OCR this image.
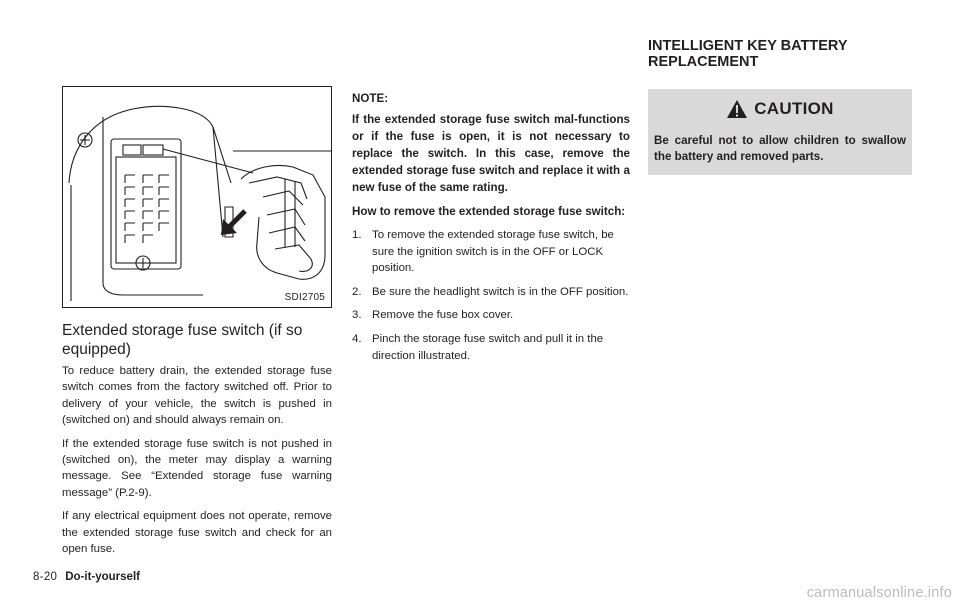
SDI2705
Extended storage fuse switch (if so equipped)

To reduce battery drain, the extended storage fuse switch comes from the factory switched off. Prior to delivery of your vehicle, the switch is pushed in (switched on) and should always remain on.

If the extended storage fuse switch is not pushed in (switched on), the meter may display a warning message. See “Extended storage fuse warning message” (P.2-9).

If any electrical equipment does not operate, remove the extended storage fuse switch and check for an open fuse.

NOTE:

If the extended storage fuse switch mal-functions or if the fuse is open, it is not necessary to replace the switch. In this case, remove the extended storage fuse switch and replace it with a new fuse of the same rating.

How to remove the extended storage fuse switch:

1. To remove the extended storage fuse switch, be sure the ignition switch is in the OFF or LOCK position.
2. Be sure the headlight switch is in the OFF position.
3. Remove the fuse box cover.
4. Pinch the storage fuse switch and pull it in the direction illustrated.
INTELLIGENT KEY BATTERY REPLACEMENT
CAUTION

Be careful not to allow children to swallow the battery and removed parts.

8-20 Do-it-yourself
carmanualsonline.info
